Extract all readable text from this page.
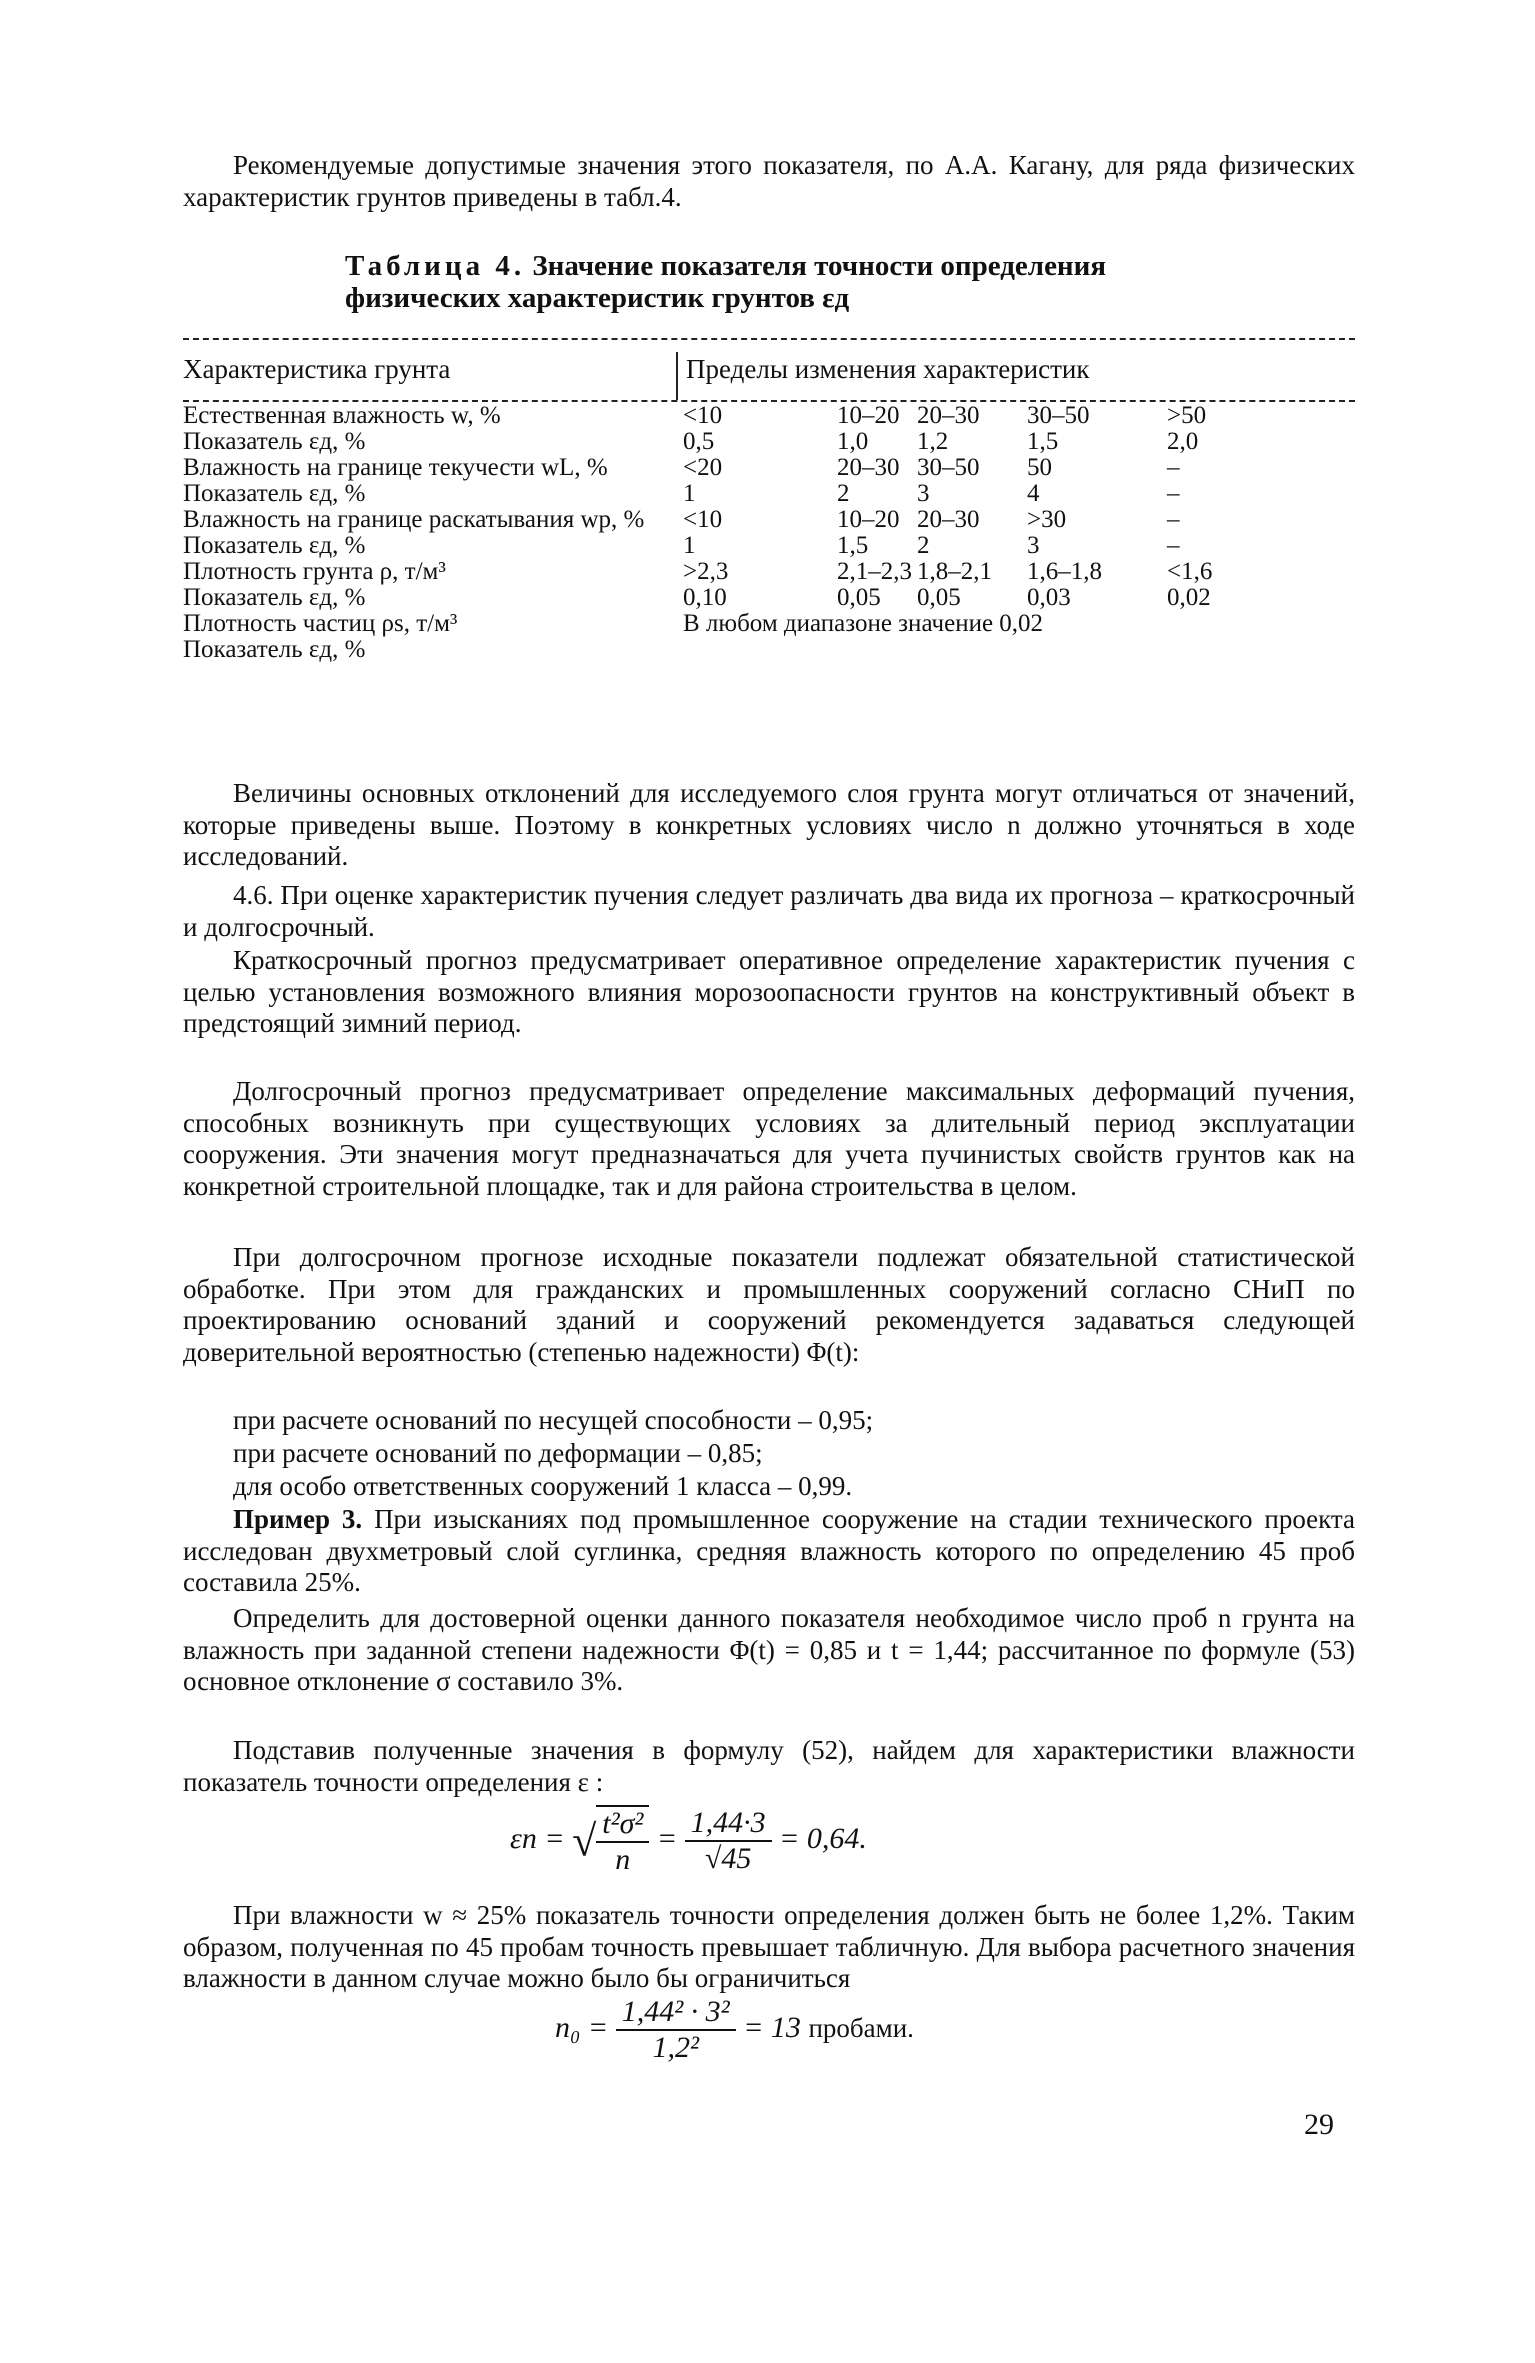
Рекомендуемые допустимые значения этого показателя, по А.А. Кагану, для ряда физических характеристик грунтов приведены в табл.4.

Таблица 4. Значение показателя точности определения физических характеристик грунтов εд
Характеристика грунта	Пределы изменения характеристик
Естественная влажность w, %	<10	10–20	20–30	30–50	>50	
Показатель εд, %	0,5	1,0	1,2	1,5	2,0	
Влажность на границе текучести wL, %	<20	20–30	30–50	50	–	
Показатель εд, %	1	2	3	4	–	
Влажность на границе раскатывания wp, %	<10	10–20	20–30	>30	–	
Показатель εд, %	1	1,5	2	3	–	
Плотность грунта ρ, т/м³	>2,3	2,1–2,3	1,8–2,1	1,6–1,8	<1,6	
Показатель εд, %	0,10	0,05	0,05	0,03	0,02	
Плотность частиц ρs, т/м³	В любом диапазоне значение 0,02					
Показатель εд, %						

Величины основных отклонений для исследуемого слоя грунта могут отличаться от значений, которые приведены выше. Поэтому в конкретных условиях число n должно уточняться в ходе исследований.

4.6. При оценке характеристик пучения следует различать два вида их прогноза – краткосрочный и долгосрочный.

Краткосрочный прогноз предусматривает оперативное определение характеристик пучения с целью установления возможного влияния морозоопасности грунтов на конструктивный объект в предстоящий зимний период.

Долгосрочный прогноз предусматривает определение максимальных деформаций пучения, способных возникнуть при существующих условиях за длительный период эксплуатации сооружения. Эти значения могут предназначаться для учета пучинистых свойств грунтов как на конкретной строительной площадке, так и для района строительства в целом.

При долгосрочном прогнозе исходные показатели подлежат обязательной статистической обработке. При этом для гражданских и промышленных сооружений согласно СНиП по проектированию оснований зданий и сооружений рекомендуется задаваться следующей доверительной вероятностью (степенью надежности) Φ(t):

при расчете оснований по несущей способности – 0,95;

при расчете оснований по деформации – 0,85;

для особо ответственных сооружений 1 класса – 0,99.

Пример 3. При изысканиях под промышленное сооружение на стадии технического проекта исследован двухметровый слой суглинка, средняя влажность которого по определению 45 проб составила 25%.

Определить для достоверной оценки данного показателя необходимое число проб n грунта на влажность при заданной степени надежности Φ(t) = 0,85 и t = 1,44; рассчитанное по формуле (53) основное отклонение σ составило 3%.

Подставив полученные значения в формулу (52), найдем для характеристики влажности показатель точности определения ε :

εп = √ $\frac{\text{t²σ²}}{n} = \frac{1,44\cdot 3}{√45} = 0,64$.

При влажности w ≈ 25% показатель точности определения должен быть не более 1,2%. Таким образом, полученная по 45 пробам точность превышает табличную. Для выбора расчетного значения влажности в данном случае можно было бы ограничиться

$n_0 = \frac{\text{1,44² · 3²}}{\text{1,2²}} = 13$ пробами.
29
